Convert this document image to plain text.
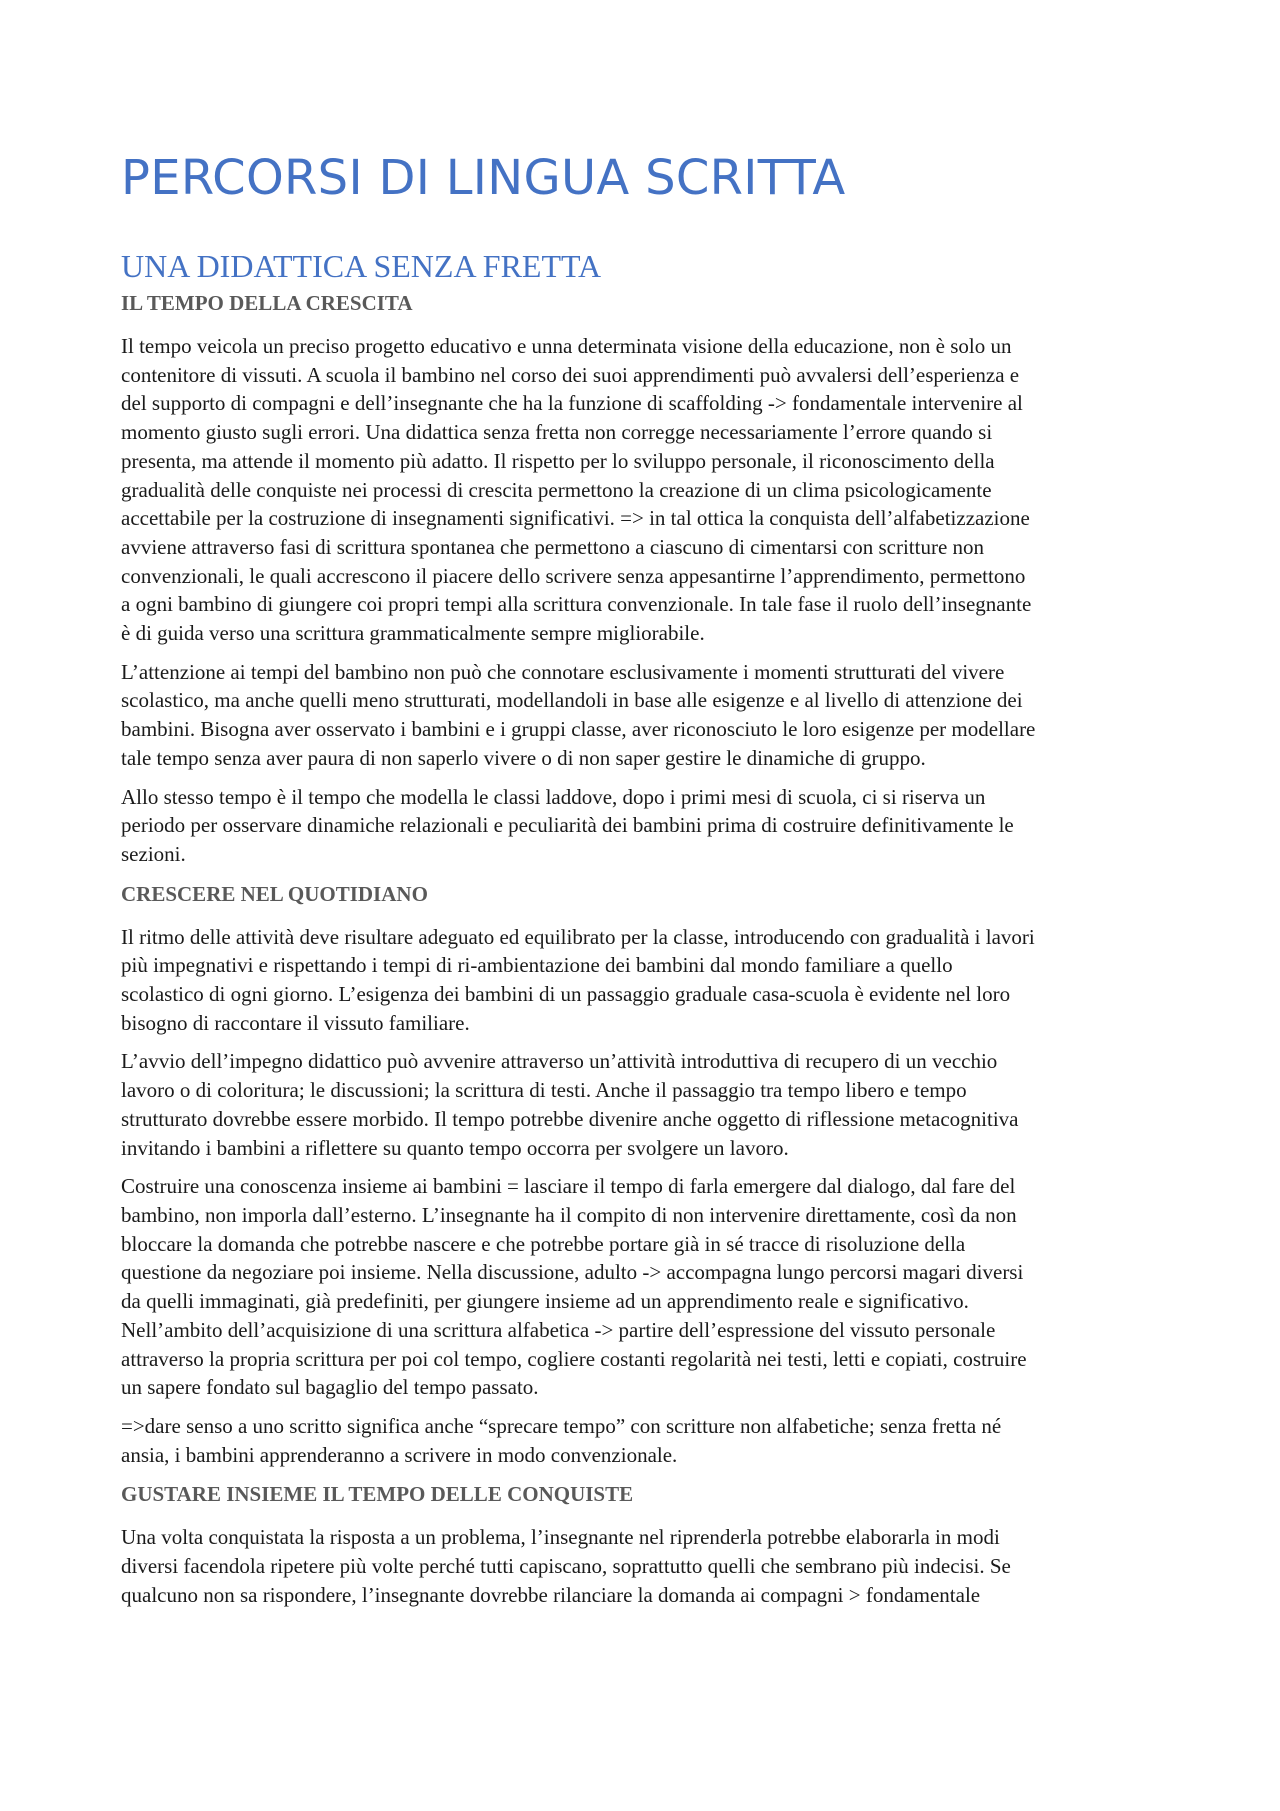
PERCORSI DI LINGUA SCRITTA
UNA DIDATTICA SENZA FRETTA
IL TEMPO DELLA CRESCITA

Il tempo veicola un preciso progetto educativo e unna determinata visione della educazione, non è solo un
contenitore di vissuti. A scuola il bambino nel corso dei suoi apprendimenti può avvalersi dell’esperienza e
del supporto di compagni e dell’insegnante che ha la funzione di scaffolding -> fondamentale intervenire al
momento giusto sugli errori. Una didattica senza fretta non corregge necessariamente l’errore quando si
presenta, ma attende il momento più adatto. Il rispetto per lo sviluppo personale, il riconoscimento della
gradualità delle conquiste nei processi di crescita permettono la creazione di un clima psicologicamente
accettabile per la costruzione di insegnamenti significativi. => in tal ottica la conquista dell’alfabetizzazione
avviene attraverso fasi di scrittura spontanea che permettono a ciascuno di cimentarsi con scritture non
convenzionali, le quali accrescono il piacere dello scrivere senza appesantirne l’apprendimento, permettono
a ogni bambino di giungere coi propri tempi alla scrittura convenzionale. In tale fase il ruolo dell’insegnante
è di guida verso una scrittura grammaticalmente sempre migliorabile.

L’attenzione ai tempi del bambino non può che connotare esclusivamente i momenti strutturati del vivere
scolastico, ma anche quelli meno strutturati, modellandoli in base alle esigenze e al livello di attenzione dei
bambini. Bisogna aver osservato i bambini e i gruppi classe, aver riconosciuto le loro esigenze per modellare
tale tempo senza aver paura di non saperlo vivere o di non saper gestire le dinamiche di gruppo.

Allo stesso tempo è il tempo che modella le classi laddove, dopo i primi mesi di scuola, ci si riserva un
periodo per osservare dinamiche relazionali e peculiarità dei bambini prima di costruire definitivamente le
sezioni.

CRESCERE NEL QUOTIDIANO

Il ritmo delle attività deve risultare adeguato ed equilibrato per la classe, introducendo con gradualità i lavori
più impegnativi e rispettando i tempi di ri-ambientazione dei bambini dal mondo familiare a quello
scolastico di ogni giorno. L’esigenza dei bambini di un passaggio graduale casa-scuola è evidente nel loro
bisogno di raccontare il vissuto familiare.

L’avvio dell’impegno didattico può avvenire attraverso un’attività introduttiva di recupero di un vecchio
lavoro o di coloritura; le discussioni; la scrittura di testi. Anche il passaggio tra tempo libero e tempo
strutturato dovrebbe essere morbido. Il tempo potrebbe divenire anche oggetto di riflessione metacognitiva
invitando i bambini a riflettere su quanto tempo occorra per svolgere un lavoro.

Costruire una conoscenza insieme ai bambini = lasciare il tempo di farla emergere dal dialogo, dal fare del
bambino, non imporla dall’esterno. L’insegnante ha il compito di non intervenire direttamente, così da non
bloccare la domanda che potrebbe nascere e che potrebbe portare già in sé tracce di risoluzione della
questione da negoziare poi insieme. Nella discussione, adulto -> accompagna lungo percorsi magari diversi
da quelli immaginati, già predefiniti, per giungere insieme ad un apprendimento reale e significativo.
Nell’ambito dell’acquisizione di una scrittura alfabetica -> partire dell’espressione del vissuto personale
attraverso la propria scrittura per poi col tempo, cogliere costanti regolarità nei testi, letti e copiati, costruire
un sapere fondato sul bagaglio del tempo passato.

=>dare senso a uno scritto significa anche “sprecare tempo” con scritture non alfabetiche; senza fretta né
ansia, i bambini apprenderanno a scrivere in modo convenzionale.

GUSTARE INSIEME IL TEMPO DELLE CONQUISTE

Una volta conquistata la risposta a un problema, l’insegnante nel riprenderla potrebbe elaborarla in modi
diversi facendola ripetere più volte perché tutti capiscano, soprattutto quelli che sembrano più indecisi. Se
qualcuno non sa rispondere, l’insegnante dovrebbe rilanciare la domanda ai compagni > fondamentale
